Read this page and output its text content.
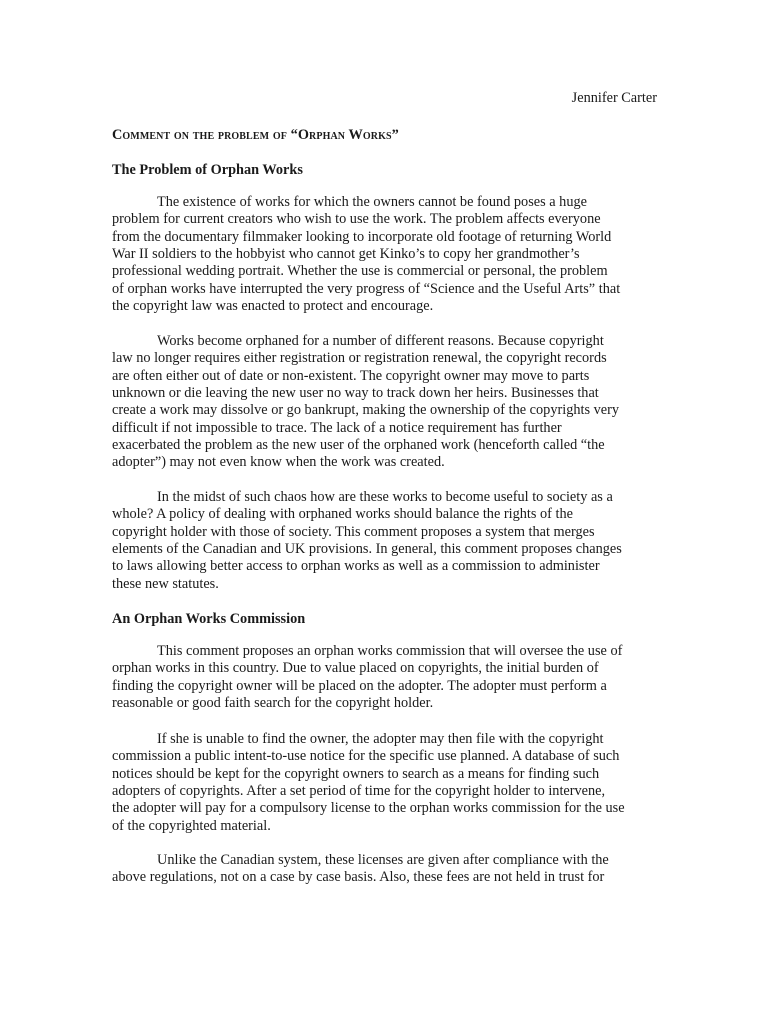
Jennifer Carter
Comment on the problem of “Orphan Works”
The Problem of Orphan Works
The existence of works for which the owners cannot be found poses a huge
problem for current creators who wish to use the work. The problem affects everyone
from the documentary filmmaker looking to incorporate old footage of returning World
War II soldiers to the hobbyist who cannot get Kinko’s to copy her grandmother’s
professional wedding portrait. Whether the use is commercial or personal, the problem
of orphan works have interrupted the very progress of “Science and the Useful Arts” that
the copyright law was enacted to protect and encourage.
Works become orphaned for a number of different reasons. Because copyright
law no longer requires either registration or registration renewal, the copyright records
are often either out of date or non-existent. The copyright owner may move to parts
unknown or die leaving the new user no way to track down her heirs. Businesses that
create a work may dissolve or go bankrupt, making the ownership of the copyrights very
difficult if not impossible to trace. The lack of a notice requirement has further
exacerbated the problem as the new user of the orphaned work (henceforth called “the
adopter”) may not even know when the work was created.
In the midst of such chaos how are these works to become useful to society as a
whole? A policy of dealing with orphaned works should balance the rights of the
copyright holder with those of society. This comment proposes a system that merges
elements of the Canadian and UK provisions. In general, this comment proposes changes
to laws allowing better access to orphan works as well as a commission to administer
these new statutes.
An Orphan Works Commission
This comment proposes an orphan works commission that will oversee the use of
orphan works in this country. Due to value placed on copyrights, the initial burden of
finding the copyright owner will be placed on the adopter. The adopter must perform a
reasonable or good faith search for the copyright holder.
If she is unable to find the owner, the adopter may then file with the copyright
commission a public intent-to-use notice for the specific use planned. A database of such
notices should be kept for the copyright owners to search as a means for finding such
adopters of copyrights. After a set period of time for the copyright holder to intervene,
the adopter will pay for a compulsory license to the orphan works commission for the use
of the copyrighted material.
Unlike the Canadian system, these licenses are given after compliance with the
above regulations, not on a case by case basis. Also, these fees are not held in trust for
